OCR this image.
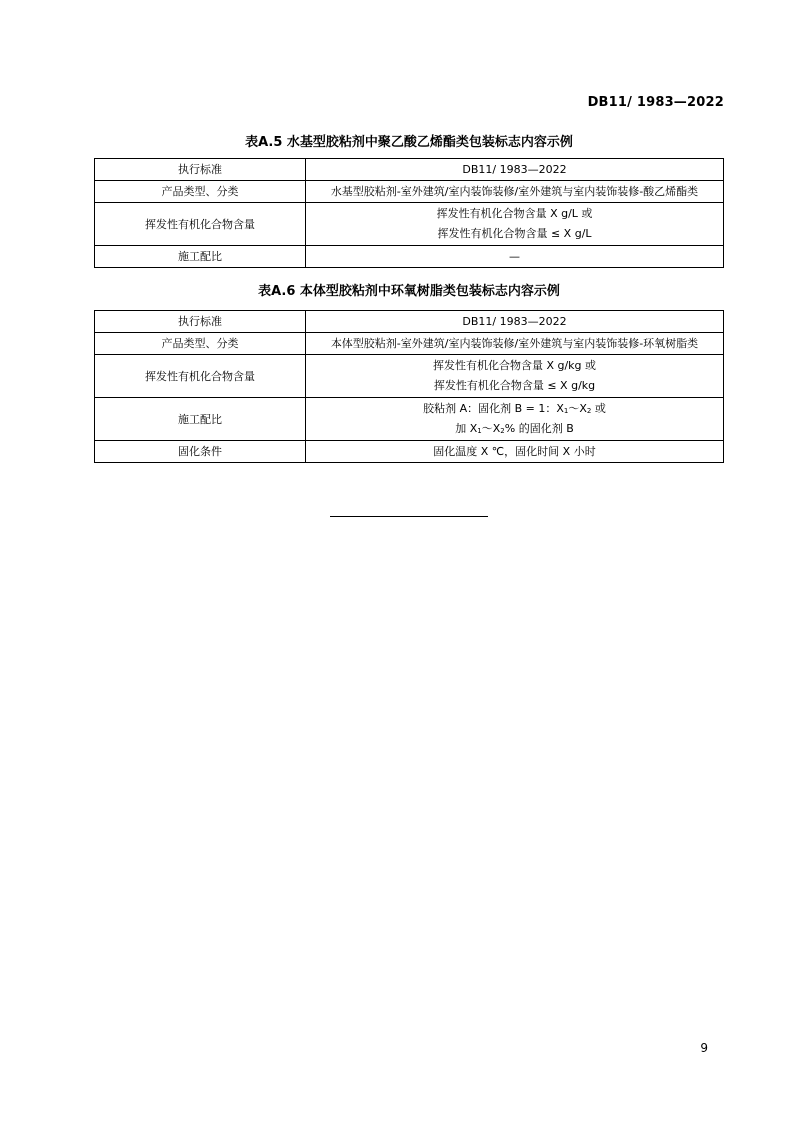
DB11/ 1983—2022
表A.5 水基型胶粘剂中聚乙酸乙烯酯类包装标志内容示例
执行标准	DB11/ 1983—2022
产品类型、分类	水基型胶粘剂-室外建筑/室内装饰装修/室外建筑与室内装饰装修-酸乙烯酯类
挥发性有机化合物含量	挥发性有机化合物含量 X g/L 或
挥发性有机化合物含量 ≤ X g/L

施工配比	—
表A.6 本体型胶粘剂中环氧树脂类包装标志内容示例
执行标准	DB11/ 1983—2022
产品类型、分类	本体型胶粘剂-室外建筑/室内装饰装修/室外建筑与室内装饰装修-环氧树脂类
挥发性有机化合物含量	挥发性有机化合物含量 X g/kg 或
挥发性有机化合物含量 ≤ X g/kg

施工配比	胶粘剂 A：固化剂 B = 1：X1～X2 或
加 X1～X2% 的固化剂 B

固化条件	固化温度 X ℃，固化时间 X 小时
9
